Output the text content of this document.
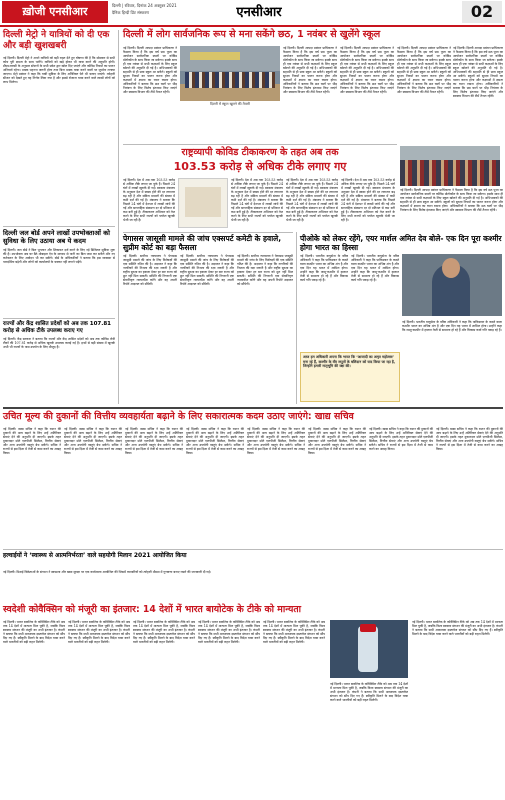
ख़ोजी एनसीआर	दिल्ली | रविवार, दिनांक 24 अक्टूबर 2021
दैनिक हिन्दी प्रिंट संस्करण	एनसीआर	02
दिल्ली मेट्रो ने यात्रियों को दी एक और बड़ी खुशखबरी
नई दिल्ली। दिल्ली मेट्रो ने अपने यात्रियों को बड़ी राहत देते हुए घोषणा की है कि सोमवार से सभी कोच पूरी क्षमता के साथ चलेंगे। यात्रियों को खड़े होकर भी यात्रा करने की अनुमति होगी। डीएमआरसी के अनुसार स्टेशनों के सभी प्रवेश द्वार खोल दिए जाएंगे और कोविड नियमों का पालन अनिवार्य रहेगा। मास्क पहनना जरूरी होगा तथा बिना मास्क यात्रा करने वालों पर जुर्माना लगाया जाएगा। मेट्रो प्रबंधन ने कहा कि यात्री सुविधा के लिए अतिरिक्त फेरे भी चलाए जाएंगे। त्योहारी सीजन को देखते हुए यह निर्णय लिया गया है और इससे रोजाना यात्रा करने वाले लाखों लोगों को लाभ मिलेगा।
दिल्ली जल बोर्ड अपने लाखों उपभोक्ताओं को सुविधा के लिए उठाया अब ये कदम
नई दिल्ली। जल बोर्ड ने बिल भुगतान और शिकायत दर्ज करने के लिए नई डिजिटल सुविधा शुरू की है। उपभोक्ता अब घर बैठे मोबाइल ऐप के माध्यम से पानी का बिल जमा कर सकेंगे और नए कनेक्शन के लिए आवेदन भी कर सकेंगे। बोर्ड के अधिकारियों ने बताया कि इस व्यवस्था से पारदर्शिता बढ़ेगी और लोगों को कार्यालयों के चक्कर नहीं लगाने पड़ेंगे।
राज्यों और केंद्र शासित प्रदेशों को अब तक 107.81 करोड़ से अधिक टीके उपलब्ध कराए गए
नई दिल्ली। केंद्र सरकार ने बताया कि राज्यों और केंद्र शासित प्रदेशों को अब तक कोविड रोधी टीकों की 107.81 करोड़ से अधिक खुराकें उपलब्ध कराई गई हैं। इनमें से बड़ी संख्या में खुराकें अभी भी राज्यों के पास उपयोग के लिए मौजूद हैं।
दिल्ली में लोग सार्वजनिक रूप से मना सकेंगे छठ, 1 नवंबर से खुलेंगे स्कूल
नई दिल्ली। दिल्ली आपदा प्रबंधन प्राधिकरण ने फैसला किया है कि इस वर्ष छठ पूजा का आयोजन सार्वजनिक स्थलों पर कोविड प्रोटोकॉल के साथ किया जा सकेगा। इसके साथ ही एक नवंबर से सभी कक्षाओं के लिए स्कूल खोलने की अनुमति दी गई है। अभिभावकों की सहमति से ही छात्र स्कूल आ सकेंगे। स्कूलों को सुरक्षा नियमों का पालन करना होगा और कक्षाओं में क्षमता का ध्यान रखना होगा। अधिकारियों ने बताया कि छठ घाटों पर भीड़ नियंत्रण के लिए विशेष इंतजाम किए जाएंगे और स्वास्थ्य विभाग की टीमें तैनात रहेंगी।
दिल्ली में स्कूल खुलने की तैयारी
नई दिल्ली। दिल्ली आपदा प्रबंधन प्राधिकरण ने फैसला किया है कि इस वर्ष छठ पूजा का आयोजन सार्वजनिक स्थलों पर कोविड प्रोटोकॉल के साथ किया जा सकेगा। इसके साथ ही एक नवंबर से सभी कक्षाओं के लिए स्कूल खोलने की अनुमति दी गई है। अभिभावकों की सहमति से ही छात्र स्कूल आ सकेंगे। स्कूलों को सुरक्षा नियमों का पालन करना होगा और कक्षाओं में क्षमता का ध्यान रखना होगा। अधिकारियों ने बताया कि छठ घाटों पर भीड़ नियंत्रण के लिए विशेष इंतजाम किए जाएंगे और स्वास्थ्य विभाग की टीमें तैनात रहेंगी।
नई दिल्ली। दिल्ली आपदा प्रबंधन प्राधिकरण ने फैसला किया है कि इस वर्ष छठ पूजा का आयोजन सार्वजनिक स्थलों पर कोविड प्रोटोकॉल के साथ किया जा सकेगा। इसके साथ ही एक नवंबर से सभी कक्षाओं के लिए स्कूल खोलने की अनुमति दी गई है। अभिभावकों की सहमति से ही छात्र स्कूल आ सकेंगे। स्कूलों को सुरक्षा नियमों का पालन करना होगा और कक्षाओं में क्षमता का ध्यान रखना होगा। अधिकारियों ने बताया कि छठ घाटों पर भीड़ नियंत्रण के लिए विशेष इंतजाम किए जाएंगे और स्वास्थ्य विभाग की टीमें तैनात रहेंगी।
नई दिल्ली। दिल्ली आपदा प्रबंधन प्राधिकरण ने फैसला किया है कि इस वर्ष छठ पूजा का आयोजन सार्वजनिक स्थलों पर कोविड प्रोटोकॉल के साथ किया जा सकेगा। इसके साथ ही एक नवंबर से सभी कक्षाओं के लिए स्कूल खोलने की अनुमति दी गई है। अभिभावकों की सहमति से ही छात्र स्कूल आ सकेंगे। स्कूलों को सुरक्षा नियमों का पालन करना होगा और कक्षाओं में क्षमता का ध्यान रखना होगा। अधिकारियों ने बताया कि छठ घाटों पर भीड़ नियंत्रण के लिए विशेष इंतजाम किए जाएंगे और स्वास्थ्य विभाग की टीमें तैनात रहेंगी।
नई दिल्ली। दिल्ली आपदा प्रबंधन प्राधिकरण ने फैसला किया है कि इस वर्ष छठ पूजा का आयोजन सार्वजनिक स्थलों पर कोविड प्रोटोकॉल के साथ किया जा सकेगा। इसके साथ ही एक नवंबर से सभी कक्षाओं के लिए स्कूल खोलने की अनुमति दी गई है। अभिभावकों की सहमति से ही छात्र स्कूल आ सकेंगे। स्कूलों को सुरक्षा नियमों का पालन करना होगा और कक्षाओं में क्षमता का ध्यान रखना होगा। अधिकारियों ने बताया कि छठ घाटों पर भीड़ नियंत्रण के लिए विशेष इंतजाम किए जाएंगे और स्वास्थ्य विभाग की टीमें तैनात रहेंगी।
नई दिल्ली। दिल्ली आपदा प्रबंधन प्राधिकरण ने फैसला किया है कि इस वर्ष छठ पूजा का आयोजन सार्वजनिक स्थलों पर कोविड प्रोटोकॉल के साथ किया जा सकेगा। इसके साथ ही एक नवंबर से सभी कक्षाओं के लिए स्कूल खोलने की अनुमति दी गई है। अभिभावकों की सहमति से ही छात्र स्कूल आ सकेंगे। स्कूलों को सुरक्षा नियमों का पालन करना होगा और कक्षाओं में क्षमता का ध्यान रखना होगा। अधिकारियों ने बताया कि छठ घाटों पर भीड़ नियंत्रण के लिए विशेष इंतजाम किए जाएंगे और स्वास्थ्य विभाग की टीमें तैनात रहेंगी।
राष्ट्रव्यापी कोविड टीकाकरण के तहत अब तक
103.53 करोड़ से अधिक टीके लगाए गए
नई दिल्ली। देश में अब तक 103.53 करोड़ से अधिक टीके लगाए जा चुके हैं। पिछले 24 घंटों में लाखों खुराकें दी गईं। स्वास्थ्य मंत्रालय के अनुसार देश में स्वस्थ होने की दर लगातार बढ़ रही है और सक्रिय मामलों की संख्या में कमी दर्ज की गई है। मंत्रालय ने बताया कि पिछले 24 घंटों में देशभर में लाखों जांचें की गईं और साप्ताहिक संक्रमण दर दो प्रतिशत से कम बनी हुई है। टीकाकरण अभियान को तेज करने के लिए सभी राज्यों को पर्याप्त खुराकें भेजी जा रही हैं।
नई दिल्ली। देश में अब तक 103.53 करोड़ से अधिक टीके लगाए जा चुके हैं। पिछले 24 घंटों में लाखों खुराकें दी गईं। स्वास्थ्य मंत्रालय के अनुसार देश में स्वस्थ होने की दर लगातार बढ़ रही है और सक्रिय मामलों की संख्या में कमी दर्ज की गई है। मंत्रालय ने बताया कि पिछले 24 घंटों में देशभर में लाखों जांचें की गईं और साप्ताहिक संक्रमण दर दो प्रतिशत से कम बनी हुई है। टीकाकरण अभियान को तेज करने के लिए सभी राज्यों को पर्याप्त खुराकें भेजी जा रही हैं।
नई दिल्ली। देश में अब तक 103.53 करोड़ से अधिक टीके लगाए जा चुके हैं। पिछले 24 घंटों में लाखों खुराकें दी गईं। स्वास्थ्य मंत्रालय के अनुसार देश में स्वस्थ होने की दर लगातार बढ़ रही है और सक्रिय मामलों की संख्या में कमी दर्ज की गई है। मंत्रालय ने बताया कि पिछले 24 घंटों में देशभर में लाखों जांचें की गईं और साप्ताहिक संक्रमण दर दो प्रतिशत से कम बनी हुई है। टीकाकरण अभियान को तेज करने के लिए सभी राज्यों को पर्याप्त खुराकें भेजी जा रही हैं।
नई दिल्ली। देश में अब तक 103.53 करोड़ से अधिक टीके लगाए जा चुके हैं। पिछले 24 घंटों में लाखों खुराकें दी गईं। स्वास्थ्य मंत्रालय के अनुसार देश में स्वस्थ होने की दर लगातार बढ़ रही है और सक्रिय मामलों की संख्या में कमी दर्ज की गई है। मंत्रालय ने बताया कि पिछले 24 घंटों में देशभर में लाखों जांचें की गईं और साप्ताहिक संक्रमण दर दो प्रतिशत से कम बनी हुई है। टीकाकरण अभियान को तेज करने के लिए सभी राज्यों को पर्याप्त खुराकें भेजी जा रही हैं।
पेगासस जासूसी मामले की जांच एक्सपर्ट कमेटी के हवाले, सुप्रीम कोर्ट का बड़ा फैसला
नई दिल्ली। सर्वोच्च न्यायालय ने पेगासस जासूसी मामले की जांच के लिए विशेषज्ञों की एक समिति गठित की है। अदालत ने कहा कि नागरिकों की निजता की रक्षा जरूरी है और राष्ट्रीय सुरक्षा का हवाला देकर हर बार राज्य को छूट नहीं मिल सकती। समिति की निगरानी एक सेवानिवृत्त न्यायाधीश करेंगे और वह अपनी रिपोर्ट अदालत को सौंपेगी।
नई दिल्ली। सर्वोच्च न्यायालय ने पेगासस जासूसी मामले की जांच के लिए विशेषज्ञों की एक समिति गठित की है। अदालत ने कहा कि नागरिकों की निजता की रक्षा जरूरी है और राष्ट्रीय सुरक्षा का हवाला देकर हर बार राज्य को छूट नहीं मिल सकती। समिति की निगरानी एक सेवानिवृत्त न्यायाधीश करेंगे और वह अपनी रिपोर्ट अदालत को सौंपेगी।
नई दिल्ली। सर्वोच्च न्यायालय ने पेगासस जासूसी मामले की जांच के लिए विशेषज्ञों की एक समिति गठित की है। अदालत ने कहा कि नागरिकों की निजता की रक्षा जरूरी है और राष्ट्रीय सुरक्षा का हवाला देकर हर बार राज्य को छूट नहीं मिल सकती। समिति की निगरानी एक सेवानिवृत्त न्यायाधीश करेंगे और वह अपनी रिपोर्ट अदालत को सौंपेगी।
पीओके को लेकर रहेंगे, एयर मार्शल अमित देव बोले- एक दिन पूरा कश्मीर होगा भारत का हिस्सा
नई दिल्ली। भारतीय वायुसेना के वरिष्ठ अधिकारी ने कहा कि पाकिस्तान के कब्जे वाला कश्मीर भारत का अभिन्न अंग है और एक दिन यह भारत में शामिल होगा। उन्होंने कहा कि जम्मू-कश्मीर में हालात तेजी से सामान्य हो रहे हैं और विकास कार्य गति पकड़ रहे हैं।
नई दिल्ली। भारतीय वायुसेना के वरिष्ठ अधिकारी ने कहा कि पाकिस्तान के कब्जे वाला कश्मीर भारत का अभिन्न अंग है और एक दिन यह भारत में शामिल होगा। उन्होंने कहा कि जम्मू-कश्मीर में हालात तेजी से सामान्य हो रहे हैं और विकास कार्य गति पकड़ रहे हैं।
आज हम अधिकारी अपना कि भारत कि ‘आजादी का अमृत महोत्सव’ मना रहे हैं, कश्मीर के वीर सपूतों के बलिदान को याद किया जा रहा है, जिन्होंने हमारी मातृभूमि की रक्षा की।
नई दिल्ली। भारतीय वायुसेना के वरिष्ठ अधिकारी ने कहा कि पाकिस्तान के कब्जे वाला कश्मीर भारत का अभिन्न अंग है और एक दिन यह भारत में शामिल होगा। उन्होंने कहा कि जम्मू-कश्मीर में हालात तेजी से सामान्य हो रहे हैं और विकास कार्य गति पकड़ रहे हैं।
उचित मूल्य की दुकानों की वित्तीय व्यवहार्यता बढ़ाने के लिए सकारात्मक कदम उठाए जाएंगे: खाद्य सचिव
नई दिल्ली। खाद्य सचिव ने कहा कि राशन की दुकानों की आय बढ़ाने के लिए उन्हें अतिरिक्त सेवाएं देने की अनुमति दी जाएगी। इसके तहत दुकानदार छोटे एलपीजी सिलेंडर, वित्तीय सेवाएं और अन्य उपयोगी वस्तुएं बेच सकेंगे। सचिव ने राज्यों से इस दिशा में तेजी से काम करने का आग्रह किया।
नई दिल्ली। खाद्य सचिव ने कहा कि राशन की दुकानों की आय बढ़ाने के लिए उन्हें अतिरिक्त सेवाएं देने की अनुमति दी जाएगी। इसके तहत दुकानदार छोटे एलपीजी सिलेंडर, वित्तीय सेवाएं और अन्य उपयोगी वस्तुएं बेच सकेंगे। सचिव ने राज्यों से इस दिशा में तेजी से काम करने का आग्रह किया।
नई दिल्ली। खाद्य सचिव ने कहा कि राशन की दुकानों की आय बढ़ाने के लिए उन्हें अतिरिक्त सेवाएं देने की अनुमति दी जाएगी। इसके तहत दुकानदार छोटे एलपीजी सिलेंडर, वित्तीय सेवाएं और अन्य उपयोगी वस्तुएं बेच सकेंगे। सचिव ने राज्यों से इस दिशा में तेजी से काम करने का आग्रह किया।
नई दिल्ली। खाद्य सचिव ने कहा कि राशन की दुकानों की आय बढ़ाने के लिए उन्हें अतिरिक्त सेवाएं देने की अनुमति दी जाएगी। इसके तहत दुकानदार छोटे एलपीजी सिलेंडर, वित्तीय सेवाएं और अन्य उपयोगी वस्तुएं बेच सकेंगे। सचिव ने राज्यों से इस दिशा में तेजी से काम करने का आग्रह किया।
नई दिल्ली। खाद्य सचिव ने कहा कि राशन की दुकानों की आय बढ़ाने के लिए उन्हें अतिरिक्त सेवाएं देने की अनुमति दी जाएगी। इसके तहत दुकानदार छोटे एलपीजी सिलेंडर, वित्तीय सेवाएं और अन्य उपयोगी वस्तुएं बेच सकेंगे। सचिव ने राज्यों से इस दिशा में तेजी से काम करने का आग्रह किया।
नई दिल्ली। खाद्य सचिव ने कहा कि राशन की दुकानों की आय बढ़ाने के लिए उन्हें अतिरिक्त सेवाएं देने की अनुमति दी जाएगी। इसके तहत दुकानदार छोटे एलपीजी सिलेंडर, वित्तीय सेवाएं और अन्य उपयोगी वस्तुएं बेच सकेंगे। सचिव ने राज्यों से इस दिशा में तेजी से काम करने का आग्रह किया।
नई दिल्ली। खाद्य सचिव ने कहा कि राशन की दुकानों की आय बढ़ाने के लिए उन्हें अतिरिक्त सेवाएं देने की अनुमति दी जाएगी। इसके तहत दुकानदार छोटे एलपीजी सिलेंडर, वित्तीय सेवाएं और अन्य उपयोगी वस्तुएं बेच सकेंगे। सचिव ने राज्यों से इस दिशा में तेजी से काम करने का आग्रह किया।
नई दिल्ली। खाद्य सचिव ने कहा कि राशन की दुकानों की आय बढ़ाने के लिए उन्हें अतिरिक्त सेवाएं देने की अनुमति दी जाएगी। इसके तहत दुकानदार छोटे एलपीजी सिलेंडर, वित्तीय सेवाएं और अन्य उपयोगी वस्तुएं बेच सकेंगे। सचिव ने राज्यों से इस दिशा में तेजी से काम करने का आग्रह किया।
हल्वाईयों ने ‘स्वास्थ्य से आत्मनिर्भरता’ वाले सहयोगी मिलान 2021 आयोजित किया
नई दिल्ली। मिठाई विक्रेताओं के संगठन ने स्वच्छता और खाद्य सुरक्षा पर एक कार्यशाला आयोजित की जिसमें व्यापारियों को त्योहारी मौसम में गुणवत्ता बनाए रखने की जानकारी दी गई।
स्वदेशी कोवैक्सिन को मंजूरी का इंतजार: 14 देशों में भारत बायोटेक के टीके को मान्यता
नई दिल्ली। भारत बायोटेक के कोवैक्सिन टीके को अब तक 14 देशों में मान्यता मिल चुकी है, जबकि विश्व स्वास्थ्य संगठन की मंजूरी का अभी इंतजार है। कंपनी ने बताया कि सभी आवश्यक दस्तावेज संगठन को सौंप दिए गए हैं। स्वीकृति मिलने के बाद विदेश यात्रा करने वाले भारतीयों को बड़ी राहत मिलेगी।
नई दिल्ली। भारत बायोटेक के कोवैक्सिन टीके को अब तक 14 देशों में मान्यता मिल चुकी है, जबकि विश्व स्वास्थ्य संगठन की मंजूरी का अभी इंतजार है। कंपनी ने बताया कि सभी आवश्यक दस्तावेज संगठन को सौंप दिए गए हैं। स्वीकृति मिलने के बाद विदेश यात्रा करने वाले भारतीयों को बड़ी राहत मिलेगी।
नई दिल्ली। भारत बायोटेक के कोवैक्सिन टीके को अब तक 14 देशों में मान्यता मिल चुकी है, जबकि विश्व स्वास्थ्य संगठन की मंजूरी का अभी इंतजार है। कंपनी ने बताया कि सभी आवश्यक दस्तावेज संगठन को सौंप दिए गए हैं। स्वीकृति मिलने के बाद विदेश यात्रा करने वाले भारतीयों को बड़ी राहत मिलेगी।
नई दिल्ली। भारत बायोटेक के कोवैक्सिन टीके को अब तक 14 देशों में मान्यता मिल चुकी है, जबकि विश्व स्वास्थ्य संगठन की मंजूरी का अभी इंतजार है। कंपनी ने बताया कि सभी आवश्यक दस्तावेज संगठन को सौंप दिए गए हैं। स्वीकृति मिलने के बाद विदेश यात्रा करने वाले भारतीयों को बड़ी राहत मिलेगी।
नई दिल्ली। भारत बायोटेक के कोवैक्सिन टीके को अब तक 14 देशों में मान्यता मिल चुकी है, जबकि विश्व स्वास्थ्य संगठन की मंजूरी का अभी इंतजार है। कंपनी ने बताया कि सभी आवश्यक दस्तावेज संगठन को सौंप दिए गए हैं। स्वीकृति मिलने के बाद विदेश यात्रा करने वाले भारतीयों को बड़ी राहत मिलेगी।
नई दिल्ली। भारत बायोटेक के कोवैक्सिन टीके को अब तक 14 देशों में मान्यता मिल चुकी है, जबकि विश्व स्वास्थ्य संगठन की मंजूरी का अभी इंतजार है। कंपनी ने बताया कि सभी आवश्यक दस्तावेज संगठन को सौंप दिए गए हैं। स्वीकृति मिलने के बाद विदेश यात्रा करने वाले भारतीयों को बड़ी राहत मिलेगी।
नई दिल्ली। भारत बायोटेक के कोवैक्सिन टीके को अब तक 14 देशों में मान्यता मिल चुकी है, जबकि विश्व स्वास्थ्य संगठन की मंजूरी का अभी इंतजार है। कंपनी ने बताया कि सभी आवश्यक दस्तावेज संगठन को सौंप दिए गए हैं। स्वीकृति मिलने के बाद विदेश यात्रा करने वाले भारतीयों को बड़ी राहत मिलेगी।
